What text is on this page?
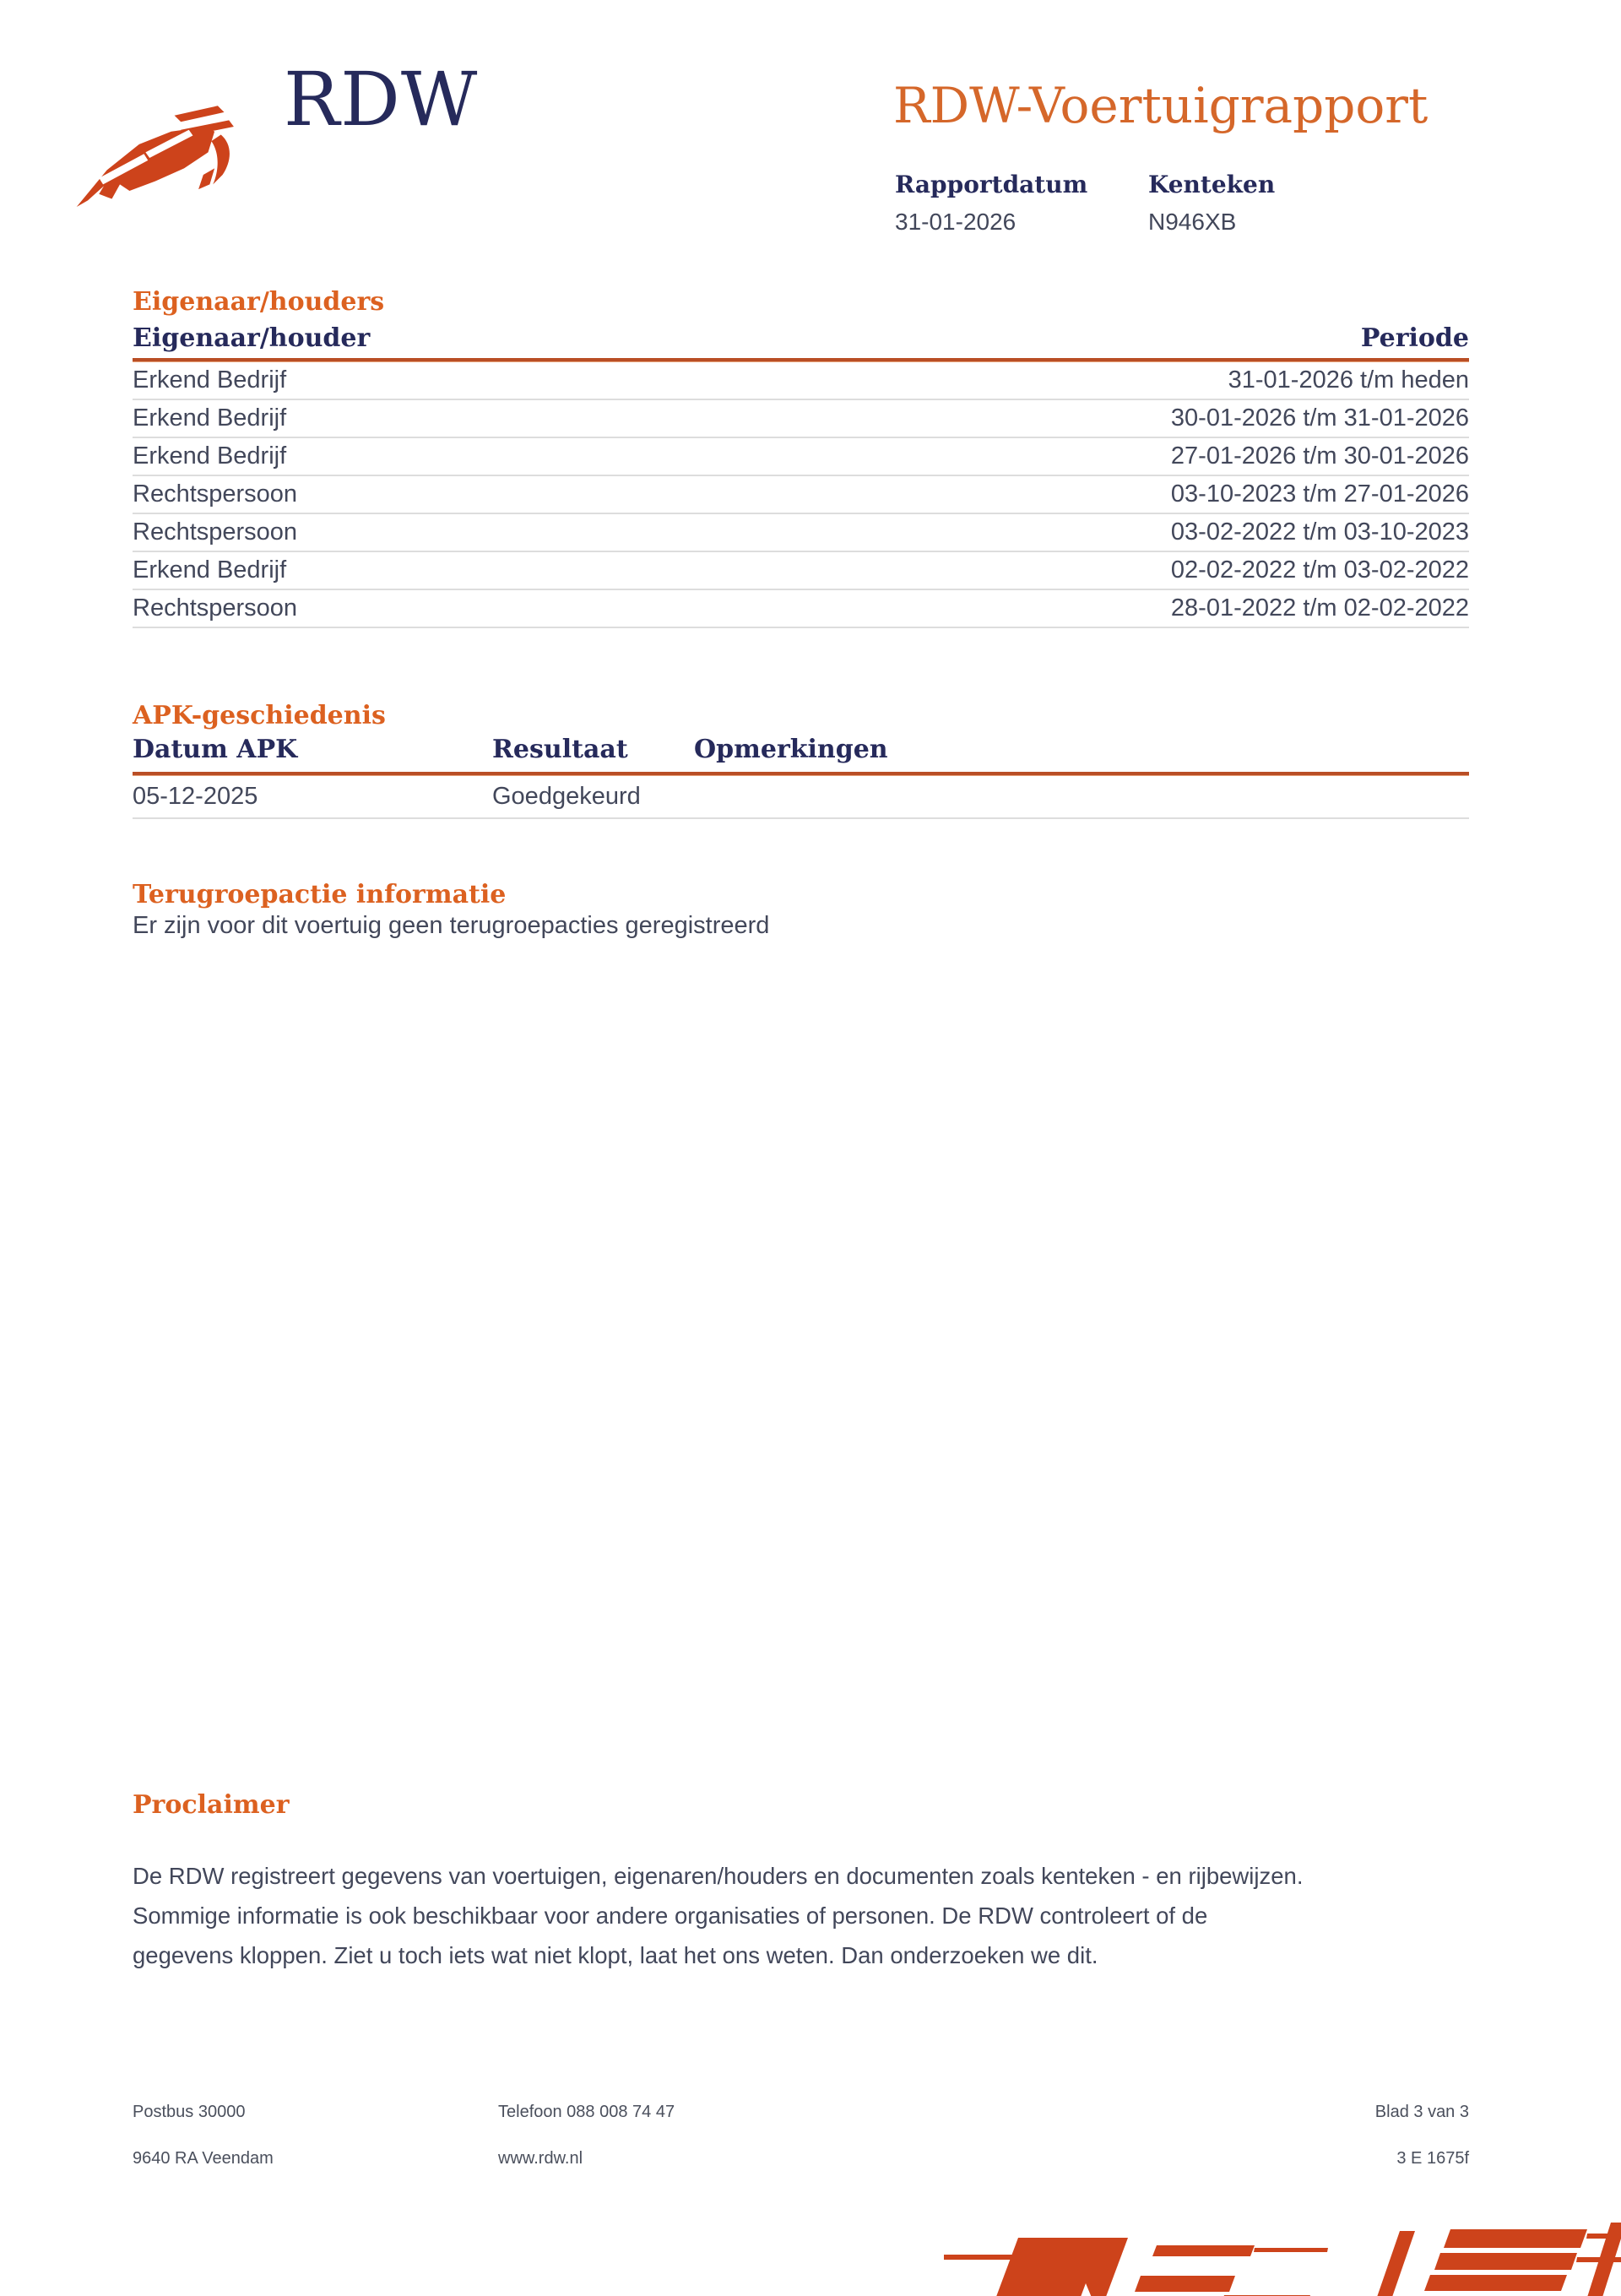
RDW	RDW-Voertuigrapport
Rapportdatum
31-01-2026
Kenteken
N946XB
Eigenaar/houders
Eigenaar/houder	Periode
Erkend Bedrijf	31-01-2026 t/m heden
Erkend Bedrijf	30-01-2026 t/m 31-01-2026
Erkend Bedrijf	27-01-2026 t/m 30-01-2026
Rechtspersoon	03-10-2023 t/m 27-01-2026
Rechtspersoon	03-02-2022 t/m 03-10-2023
Erkend Bedrijf	02-02-2022 t/m 03-02-2022
Rechtspersoon	28-01-2022 t/m 02-02-2022
APK-geschiedenis
Datum APK	Resultaat	Opmerkingen
05-12-2025	Goedgekeurd
Terugroepactie informatie
Er zijn voor dit voertuig geen terugroepacties geregistreerd
Proclaimer
De RDW registreert gegevens van voertuigen, eigenaren/houders en documenten zoals kenteken - en rijbewijzen. Sommige informatie is ook beschikbaar voor andere organisaties of personen. De RDW controleert of de gegevens kloppen. Ziet u toch iets wat niet klopt, laat het ons weten. Dan onderzoeken we dit.
Postbus 30000
9640 RA Veendam
Telefoon 088 008 74 47
www.rdw.nl
Blad 3 van 3
3 E 1675f
